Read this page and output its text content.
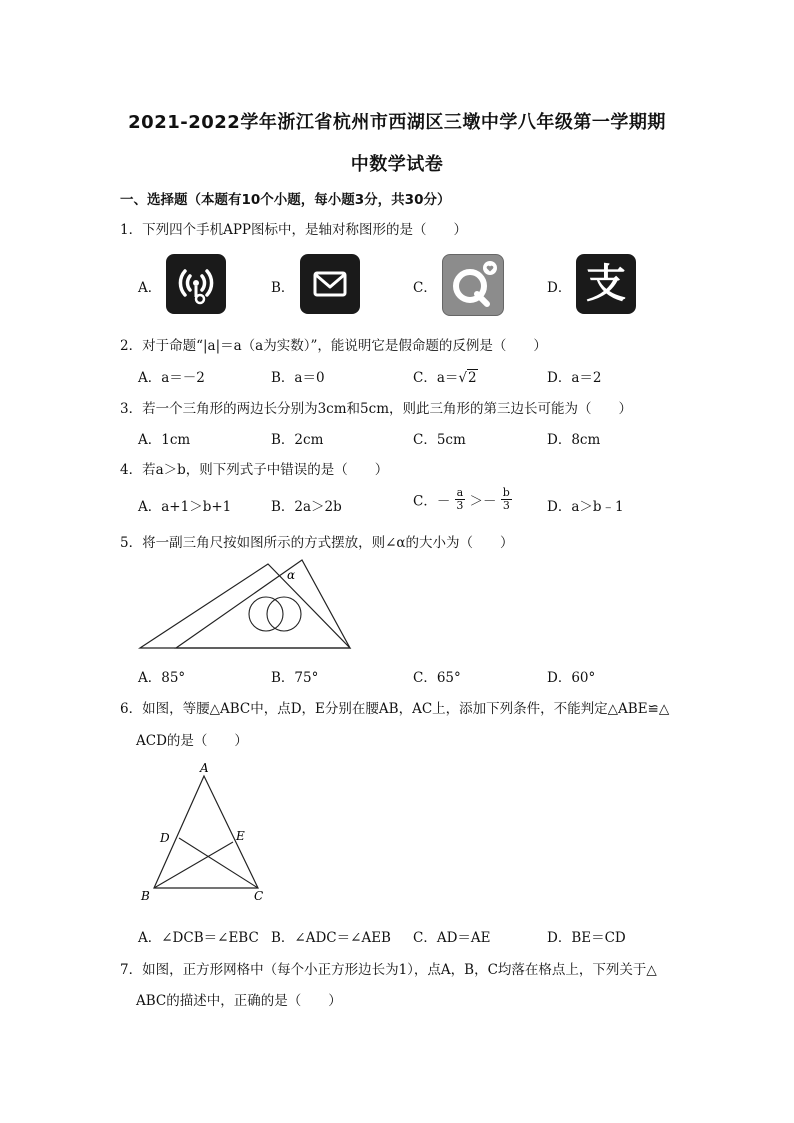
2021-2022学年浙江省杭州市西湖区三墩中学八年级第一学期期
中数学试卷
一、选择题（本题有10个小题，每小题3分，共30分）
1．下列四个手机APP图标中，是轴对称图形的是（　　）
A．	B．	C．	D． 支
2．对于命题“|a|＝a（a为实数）”，能说明它是假命题的反例是（　　）
A．a＝－2	B．a＝0	C．a＝√2	D．a＝2
3．若一个三角形的两边长分别为3cm和5cm，则此三角形的第三边长可能为（　　）
A．1cm	B．2cm	C．5cm	D．8cm
4．若a＞b，则下列式子中错误的是（　　）
A．a+1＞b+1	B．2a＞2b	C．－ $\frac{a}{3} >- \frac{b}{3}$	D．a＞b﹣1
5．将一副三角尺按如图所示的方式摆放，则∠α的大小为（　　）
α
A．85°	B．75°	C．65°	D．60°
6．如图，等腰△ABC中，点D，E分别在腰AB，AC上，添加下列条件，不能判定△ABE≌△
ACD的是（　　）
A
B	C
D	E
A．∠DCB＝∠EBC B．∠ADC＝∠AEB C．AD＝AE	D．BE＝CD
7．如图，正方形网格中（每个小正方形边长为1），点A，B，C均落在格点上，下列关于△
ABC的描述中，正确的是（　　）
